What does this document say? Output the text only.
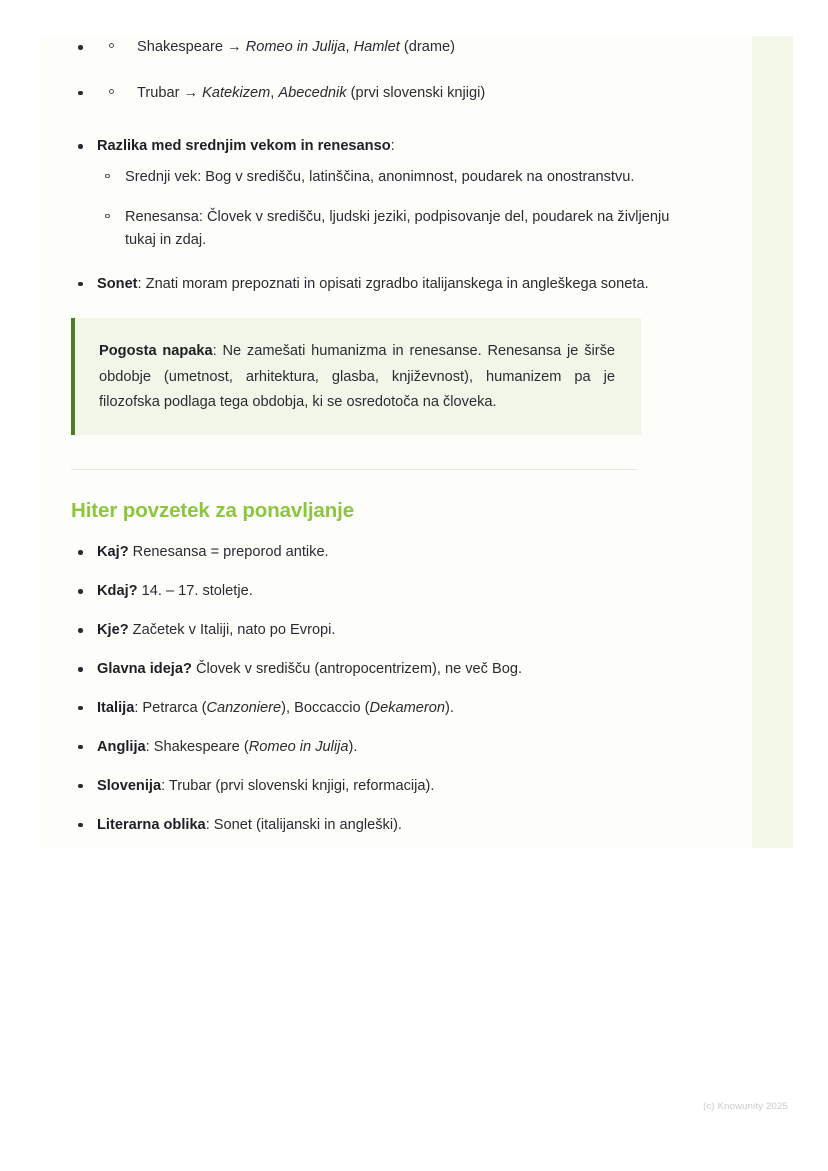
Shakespeare → Romeo in Julija, Hamlet (drame)
Trubar → Katekizem, Abecednik (prvi slovenski knjigi)
Razlika med srednjim vekom in renesanso:
Srednji vek: Bog v središču, latinščina, anonimnost, poudarek na onostranstvu.
Renesansa: Človek v središču, ljudski jeziki, podpisovanje del, poudarek na življenju tukaj in zdaj.
Sonet: Znati moram prepoznati in opisati zgradbo italijanskega in angleškega soneta.

Pogosta napaka: Ne zamešati humanizma in renesanse. Renesansa je širše obdobje (umetnost, arhitektura, glasba, književnost), humanizem pa je filozofska podlaga tega obdobja, ki se osredotoča na človeka.

Hiter povzetek za ponavljanje
Kaj? Renesansa = preporod antike.
Kdaj? 14. – 17. stoletje.
Kje? Začetek v Italiji, nato po Evropi.
Glavna ideja? Človek v središču (antropocentrizem), ne več Bog.
Italija: Petrarca (Canzoniere), Boccaccio (Dekameron).
Anglija: Shakespeare (Romeo in Julija).
Slovenija: Trubar (prvi slovenski knjigi, reformacija).
Literarna oblika: Sonet (italijanski in angleški).
(c) Knowunity 2025
